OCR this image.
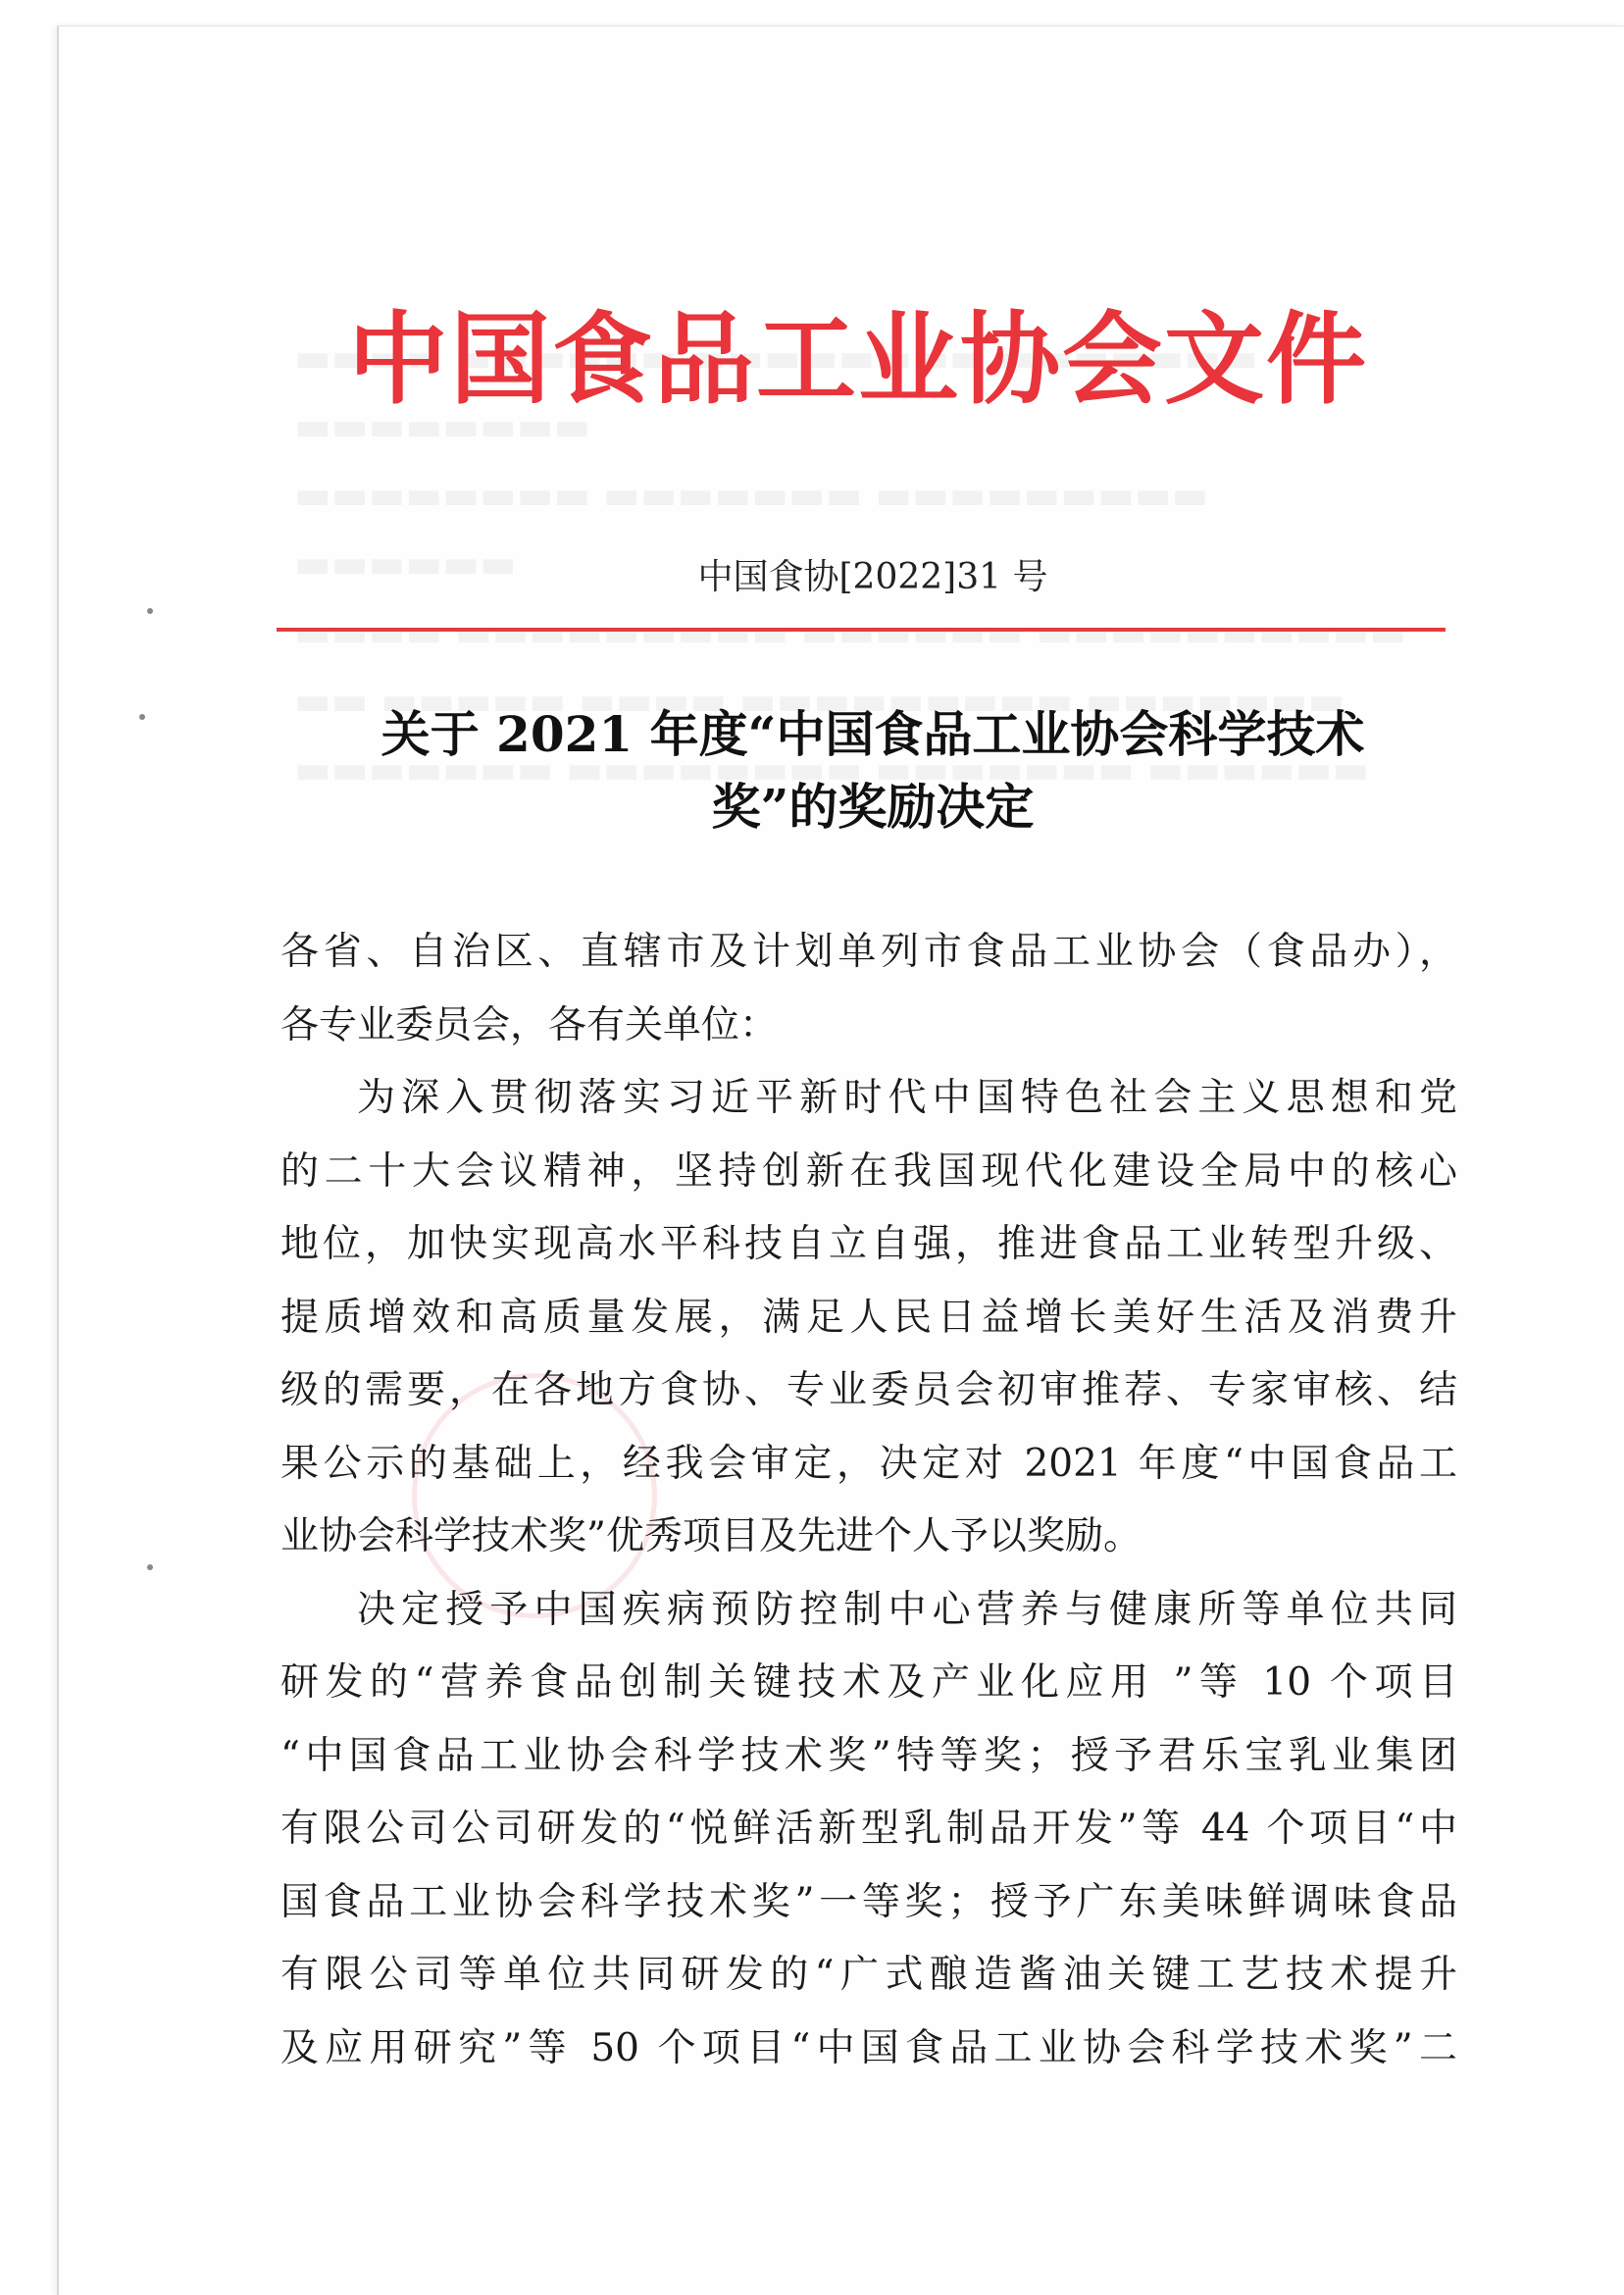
中国食品工业协会文件
中国食协[2022]31 号
关于 2021 年度“中国食品工业协会科学技术
奖”的奖励决定
各省、自治区、直辖市及计划单列市食品工业协会（食品办），
各专业委员会，各有关单位：
为深入贯彻落实习近平新时代中国特色社会主义思想和党
的二十大会议精神，坚持创新在我国现代化建设全局中的核心
地位，加快实现高水平科技自立自强，推进食品工业转型升级、
提质增效和高质量发展，满足人民日益增长美好生活及消费升
级的需要，在各地方食协、专业委员会初审推荐、专家审核、结
果公示的基础上，经我会审定，决定对 2021 年度“中国食品工
业协会科学技术奖”优秀项目及先进个人予以奖励。
决定授予中国疾病预防控制中心营养与健康所等单位共同
研发的“营养食品创制关键技术及产业化应用 ”等 10 个项目
“中国食品工业协会科学技术奖”特等奖；授予君乐宝乳业集团
有限公司公司研发的“悦鲜活新型乳制品开发”等 44 个项目“中
国食品工业协会科学技术奖”一等奖；授予广东美味鲜调味食品
有限公司等单位共同研发的“广式酿造酱油关键工艺技术提升
及应用研究”等 50 个项目“中国食品工业协会科学技术奖”二
